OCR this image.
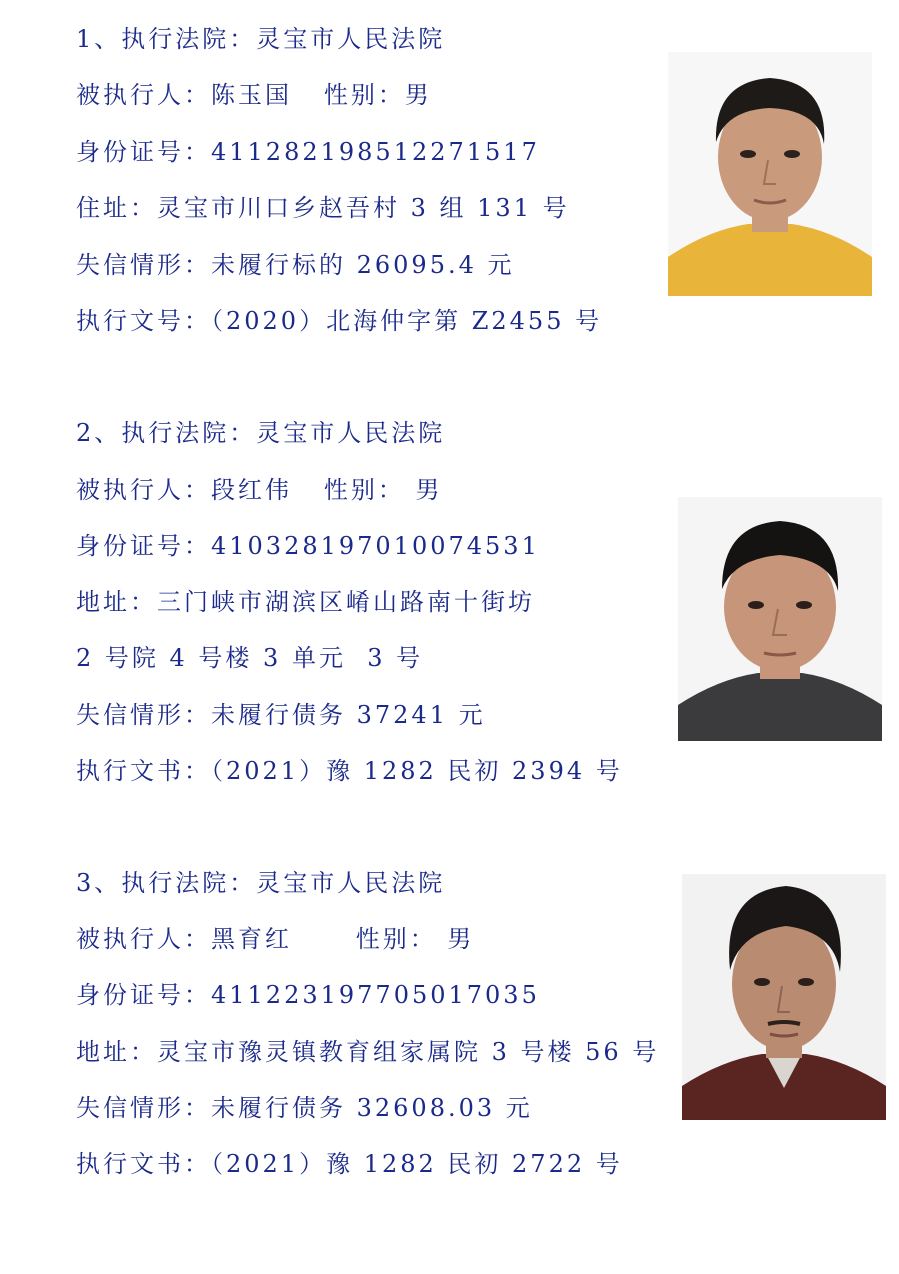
1、执行法院：灵宝市人民法院
被执行人：陈玉国   性别：男
身份证号：411282198512271517
住址：灵宝市川口乡赵吾村 3 组 131 号
失信情形：未履行标的 26095.4 元
执行文号：（2020）北海仲字第 Z2455 号
2、执行法院：灵宝市人民法院
被执行人：段红伟   性别： 男
身份证号：410328197010074531
地址：三门峡市湖滨区崤山路南十街坊
2 号院 4 号楼 3 单元  3 号
失信情形：未履行债务 37241 元
执行文书：（2021）豫 1282 民初 2394 号
3、执行法院：灵宝市人民法院
被执行人：黑育红      性别： 男
身份证号：411223197705017035
地址：灵宝市豫灵镇教育组家属院 3 号楼 56 号
失信情形：未履行债务 32608.03 元
执行文书：（2021）豫 1282 民初 2722 号
